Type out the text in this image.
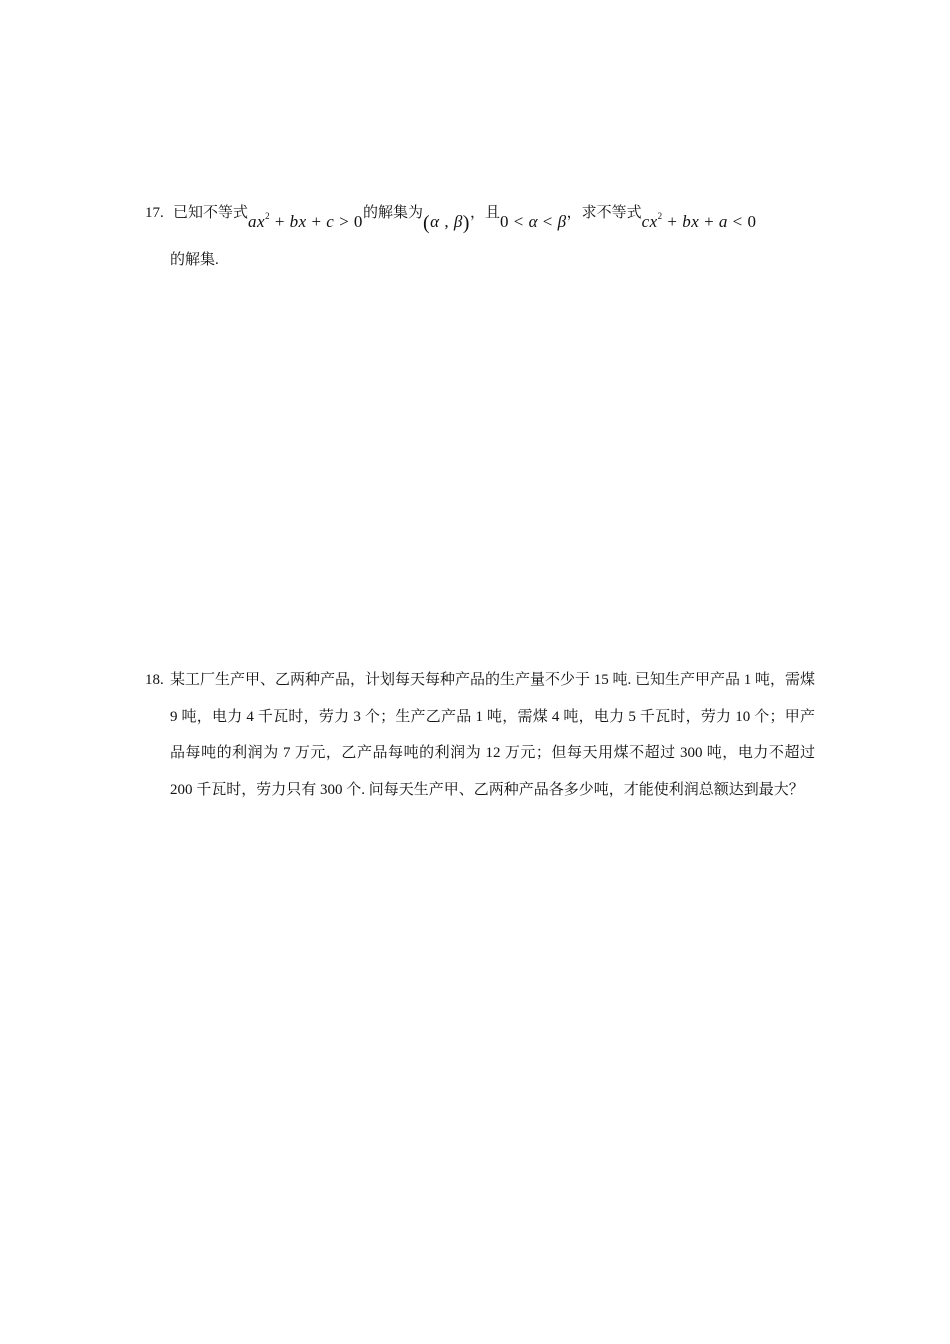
17. 已知不等式$ax^2$ + bx + c > 0的解集为(α , β)，且0 < α < β，求不等式$cx^2$ + bx + a < 0
的解集.
18. 某工厂生产甲、乙两种产品，计划每天每种产品的生产量不少于 15 吨. 已知生产甲产品 1 吨，需煤 9 吨，电力 4 千瓦时，劳力 3 个；生产乙产品 1 吨，需煤 4 吨，电力 5 千瓦时，劳力 10 个；甲产品每吨的利润为 7 万元，乙产品每吨的利润为 12 万元；但每天用煤不超过 300 吨，电力不超过 200 千瓦时，劳力只有 300 个. 问每天生产甲、乙两种产品各多少吨，才能使利润总额达到最大？
